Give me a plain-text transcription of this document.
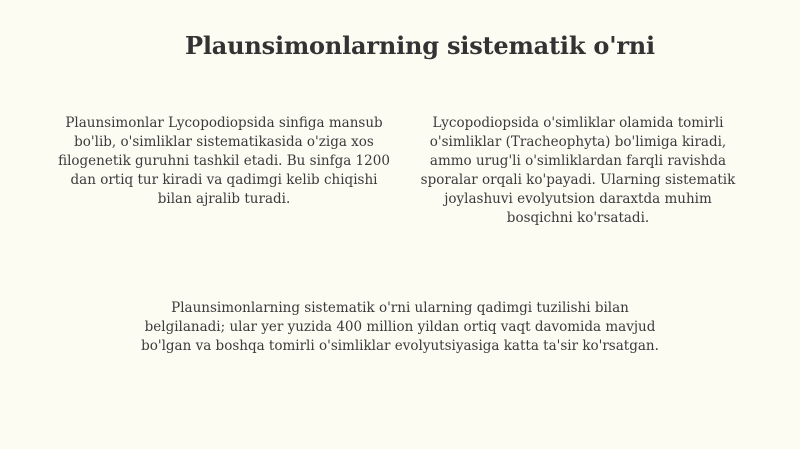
Plaunsimonlarning sistematik o'rni

Plaunsimonlar Lycopodiopsida sinfiga mansub bo'lib, o'simliklar sistematikasida o'ziga xos filogenetik guruhni tashkil etadi. Bu sinfga 1200 dan ortiq tur kiradi va qadimgi kelib chiqishi bilan ajralib turadi.

Lycopodiopsida o'simliklar olamida tomirli o'simliklar (Tracheophyta) bo'limiga kiradi, ammo urug'li o'simliklardan farqli ravishda sporalar orqali ko'payadi. Ularning sistematik joylashuvi evolyutsion daraxtda muhim bosqichni ko'rsatadi.

Plaunsimonlarning sistematik o'rni ularning qadimgi tuzilishi bilan belgilanadi; ular yer yuzida 400 million yildan ortiq vaqt davomida mavjud bo'lgan va boshqa tomirli o'simliklar evolyutsiyasiga katta ta'sir ko'rsatgan.
